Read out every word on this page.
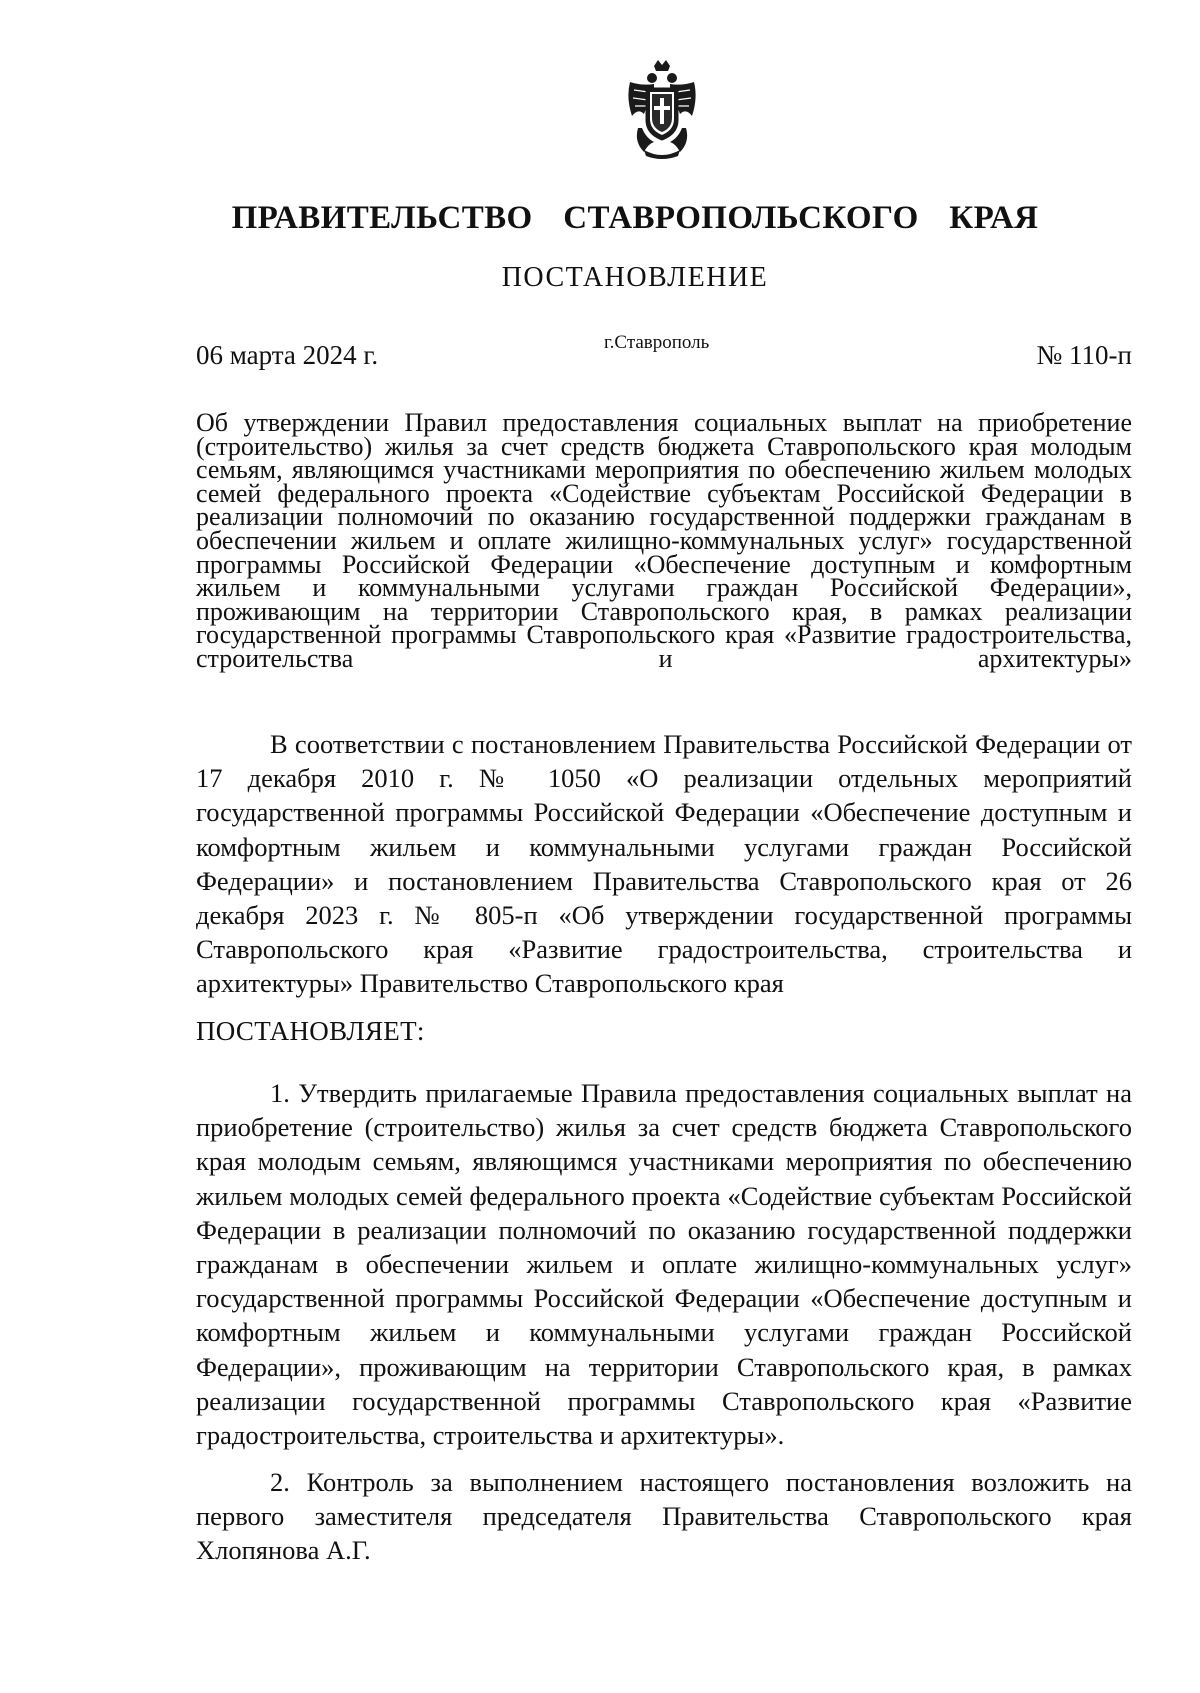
ПРАВИТЕЛЬСТВО СТАВРОПОЛЬСКОГО КРАЯ
ПОСТАНОВЛЕНИЕ
06 марта 2024 г.	г.Ставрополь	№ 110-п
Об утверждении Правил предоставления социальных выплат на приобретение (строительство) жилья за счет средств бюджета Ставропольского края молодым семьям, являющимся участниками мероприятия по обеспечению жильем молодых семей федерального проекта «Содействие субъектам Российской Федерации в реализации полномочий по оказанию государственной поддержки гражданам в обеспечении жильем и оплате жилищно-коммунальных услуг» государственной программы Российской Федерации «Обеспечение доступным и комфортным жильем и коммунальными услугами граждан Российской Федерации», проживающим на территории Ставропольского края, в рамках реализации государственной программы Ставропольского края «Развитие градостроительства, строительства и архитектуры»
В соответствии с постановлением Правительства Российской Федерации от 17 декабря 2010 г. № 1050 «О реализации отдельных мероприятий государственной программы Российской Федерации «Обеспечение доступным и комфортным жильем и коммунальными услугами граждан Российской Федерации» и постановлением Правительства Ставропольского края от 26 декабря 2023 г. № 805-п «Об утверждении государственной программы Ставропольского края «Развитие градостроительства, строительства и архитектуры» Правительство Ставропольского края
ПОСТАНОВЛЯЕТ:
1. Утвердить прилагаемые Правила предоставления социальных выплат на приобретение (строительство) жилья за счет средств бюджета Ставропольского края молодым семьям, являющимся участниками мероприятия по обеспечению жильем молодых семей федерального проекта «Содействие субъектам Российской Федерации в реализации полномочий по оказанию государственной поддержки гражданам в обеспечении жильем и оплате жилищно-коммунальных услуг» государственной программы Российской Федерации «Обеспечение доступным и комфортным жильем и коммунальными услугами граждан Российской Федерации», проживающим на территории Ставропольского края, в рамках реализации государственной программы Ставропольского края «Развитие градостроительства, строительства и архитектуры».
2. Контроль за выполнением настоящего постановления возложить на первого заместителя председателя Правительства Ставропольского края Хлопянова А.Г.
